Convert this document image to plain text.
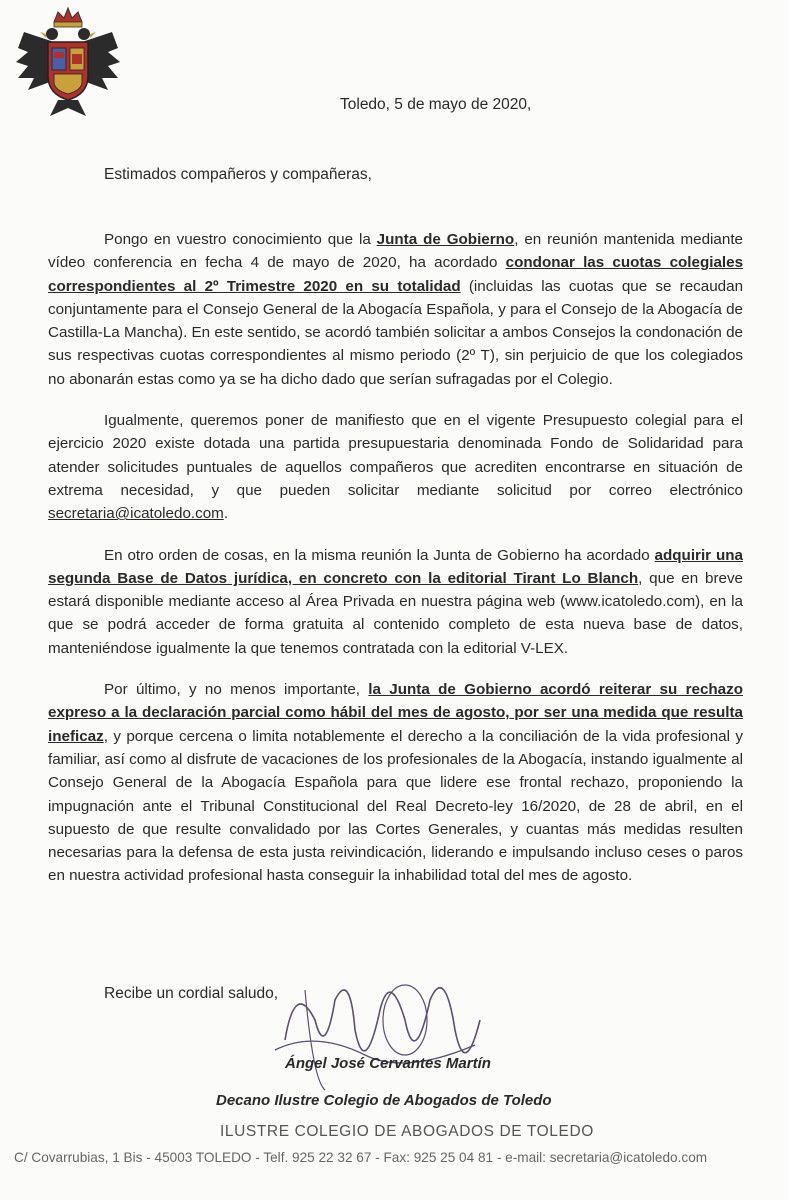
Toledo, 5 de mayo de 2020,
Estimados compañeros y compañeras,

Pongo en vuestro conocimiento que la Junta de Gobierno, en reunión mantenida mediante vídeo conferencia en fecha 4 de mayo de 2020, ha acordado condonar las cuotas colegiales correspondientes al 2º Trimestre 2020 en su totalidad (incluidas las cuotas que se recaudan conjuntamente para el Consejo General de la Abogacía Española, y para el Consejo de la Abogacía de Castilla-La Mancha). En este sentido, se acordó también solicitar a ambos Consejos la condonación de sus respectivas cuotas correspondientes al mismo periodo (2º T), sin perjuicio de que los colegiados no abonarán estas como ya se ha dicho dado que serían sufragadas por el Colegio.

Igualmente, queremos poner de manifiesto que en el vigente Presupuesto colegial para el ejercicio 2020 existe dotada una partida presupuestaria denominada Fondo de Solidaridad para atender solicitudes puntuales de aquellos compañeros que acrediten encontrarse en situación de extrema necesidad, y que pueden solicitar mediante solicitud por correo electrónico secretaria@icatoledo.com.

En otro orden de cosas, en la misma reunión la Junta de Gobierno ha acordado adquirir una segunda Base de Datos jurídica, en concreto con la editorial Tirant Lo Blanch, que en breve estará disponible mediante acceso al Área Privada en nuestra página web (www.icatoledo.com), en la que se podrá acceder de forma gratuita al contenido completo de esta nueva base de datos, manteniéndose igualmente la que tenemos contratada con la editorial V-LEX.

Por último, y no menos importante, la Junta de Gobierno acordó reiterar su rechazo expreso a la declaración parcial como hábil del mes de agosto, por ser una medida que resulta ineficaz, y porque cercena o limita notablemente el derecho a la conciliación de la vida profesional y familiar, así como al disfrute de vacaciones de los profesionales de la Abogacía, instando igualmente al Consejo General de la Abogacía Española para que lidere ese frontal rechazo, proponiendo la impugnación ante el Tribunal Constitucional del Real Decreto-ley 16/2020, de 28 de abril, en el supuesto de que resulte convalidado por las Cortes Generales, y cuantas más medidas resulten necesarias para la defensa de esta justa reivindicación, liderando e impulsando incluso ceses o paros en nuestra actividad profesional hasta conseguir la inhabilidad total del mes de agosto.

Recibe un cordial saludo,
Ángel José Cervantes Martín
Decano Ilustre Colegio de Abogados de Toledo
ILUSTRE COLEGIO DE ABOGADOS DE TOLEDO
C/ Covarrubias, 1 Bis - 45003 TOLEDO - Telf. 925 22 32 67 - Fax: 925 25 04 81 - e-mail: secretaria@icatoledo.com
